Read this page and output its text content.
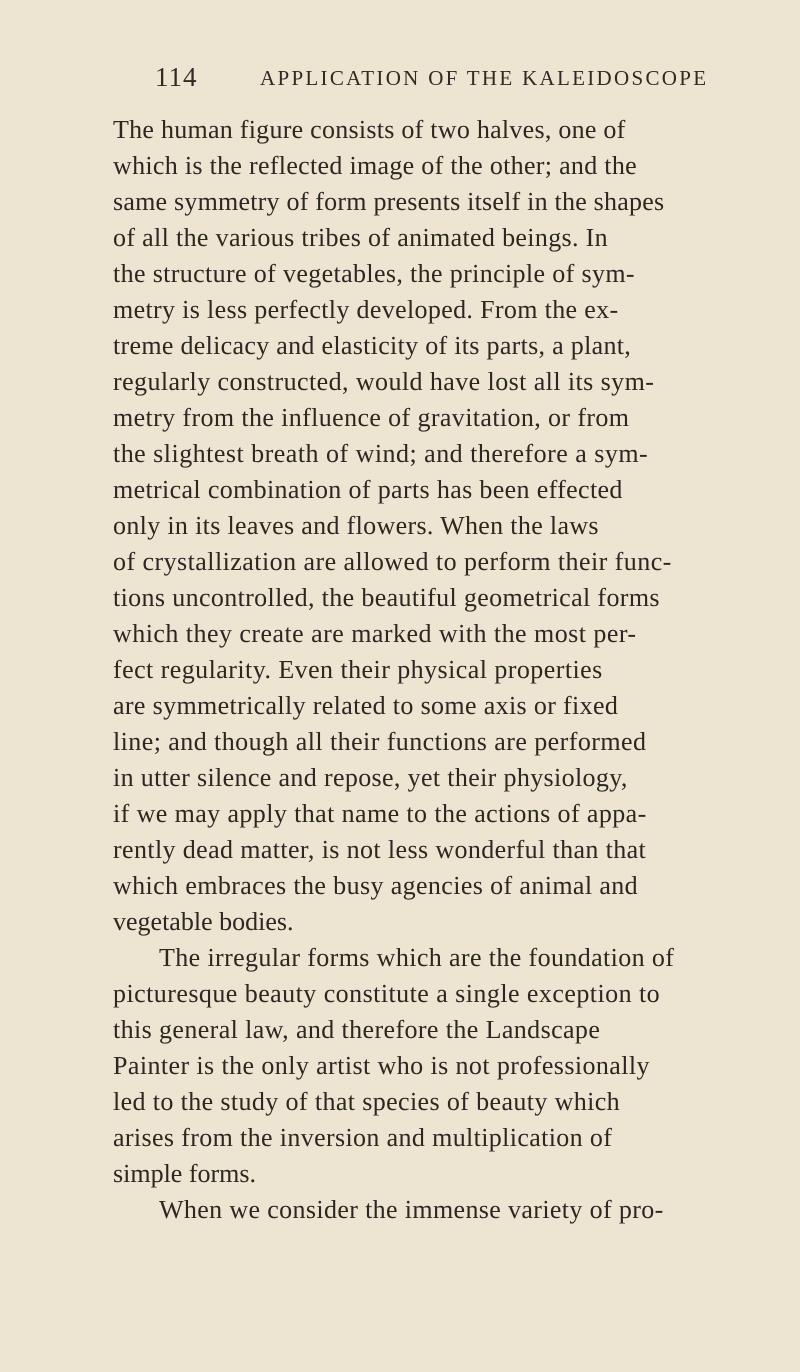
114	APPLICATION OF THE KALEIDOSCOPE
The human figure consists of two halves, one of
which is the reflected image of the other; and the
same symmetry of form presents itself in the shapes
of all the various tribes of animated beings. In
the structure of vegetables, the principle of sym-
metry is less perfectly developed. From the ex-
treme delicacy and elasticity of its parts, a plant,
regularly constructed, would have lost all its sym-
metry from the influence of gravitation, or from
the slightest breath of wind; and therefore a sym-
metrical combination of parts has been effected
only in its leaves and flowers. When the laws
of crystallization are allowed to perform their func-
tions uncontrolled, the beautiful geometrical forms
which they create are marked with the most per-
fect regularity. Even their physical properties
are symmetrically related to some axis or fixed
line; and though all their functions are performed
in utter silence and repose, yet their physiology,
if we may apply that name to the actions of appa-
rently dead matter, is not less wonderful than that
which embraces the busy agencies of animal and
vegetable bodies.
The irregular forms which are the foundation of
picturesque beauty constitute a single exception to
this general law, and therefore the Landscape
Painter is the only artist who is not professionally
led to the study of that species of beauty which
arises from the inversion and multiplication of
simple forms.
When we consider the immense variety of pro-
